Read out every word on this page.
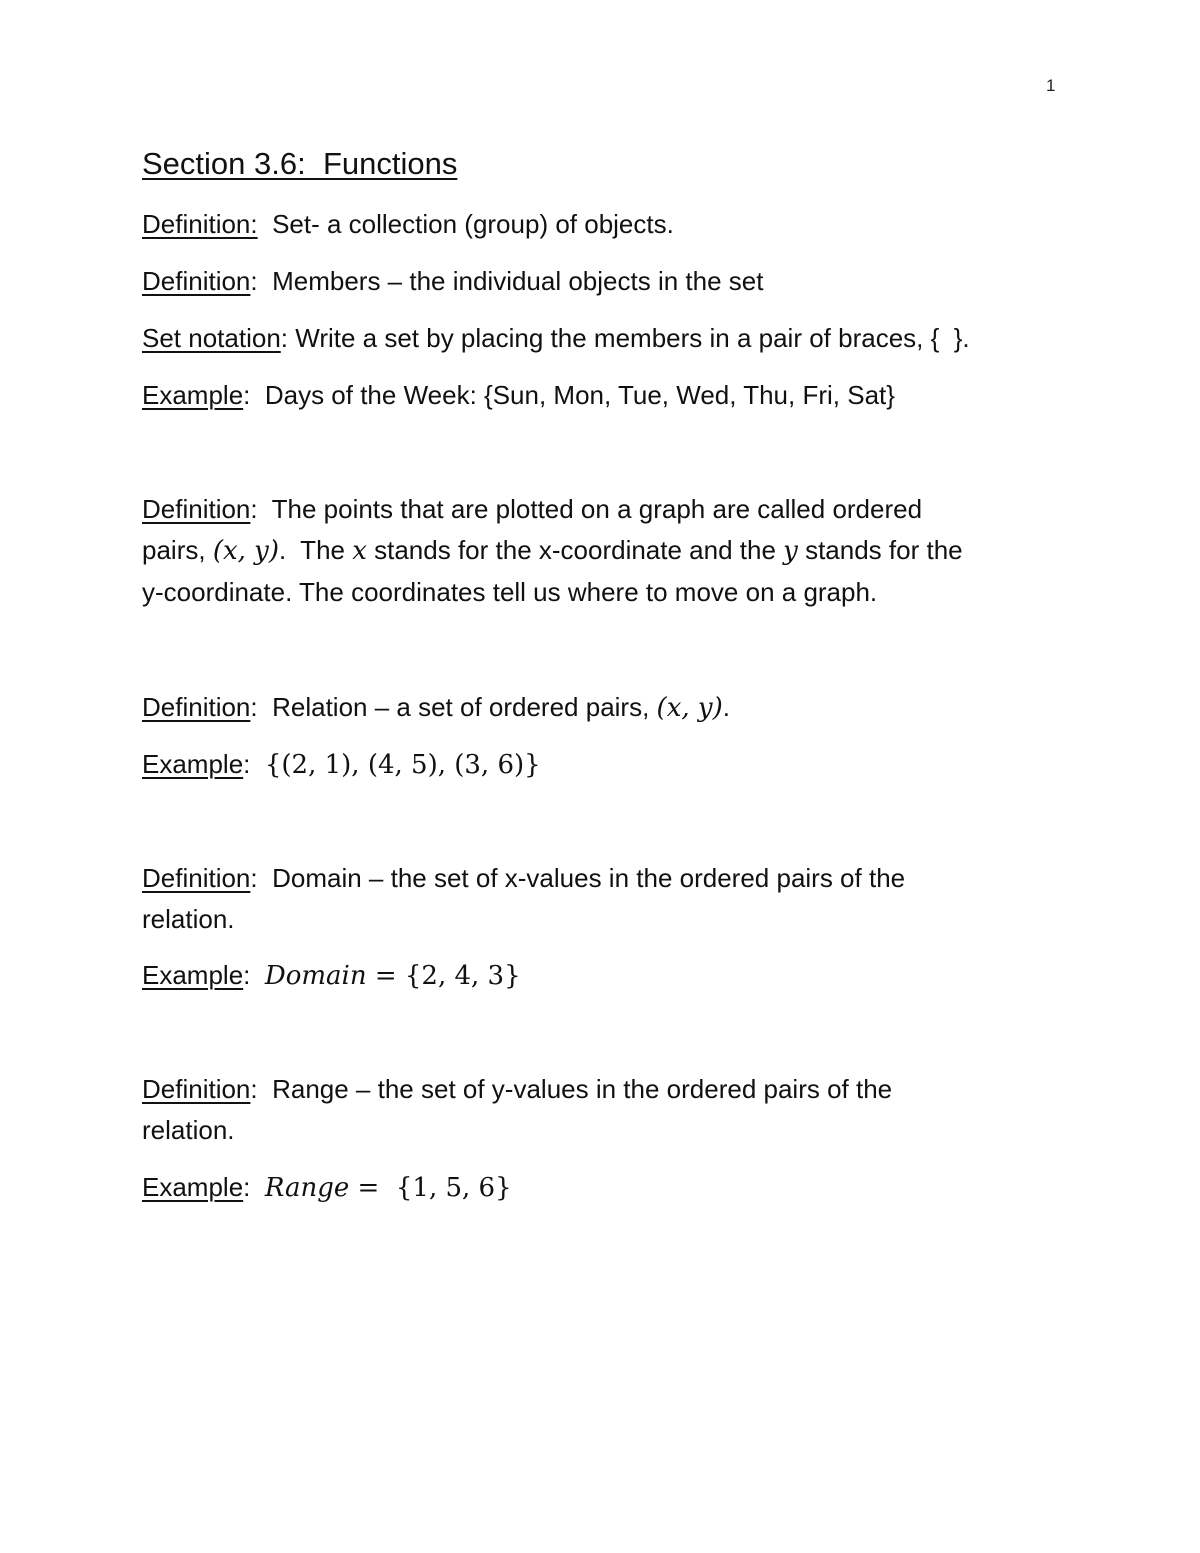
1
Section 3.6:  Functions
Definition: Set- a collection (group) of objects.
Definition: Members – the individual objects in the set
Set notation: Write a set by placing the members in a pair of braces, {  }.
Example: Days of the Week: {Sun, Mon, Tue, Wed, Thu, Fri, Sat}
Definition: The points that are plotted on a graph are called ordered
pairs, (x, y).  The x stands for the x-coordinate and the y stands for the
y-coordinate. The coordinates tell us where to move on a graph.
Definition: Relation – a set of ordered pairs, (x, y).
Example: {(2, 1), (4, 5), (3, 6)}
Definition: Domain – the set of x-values in the ordered pairs of the
relation.
Example: Domain = {2, 4, 3}
Definition: Range – the set of y-values in the ordered pairs of the
relation.
Example: Range =  {1, 5, 6}
